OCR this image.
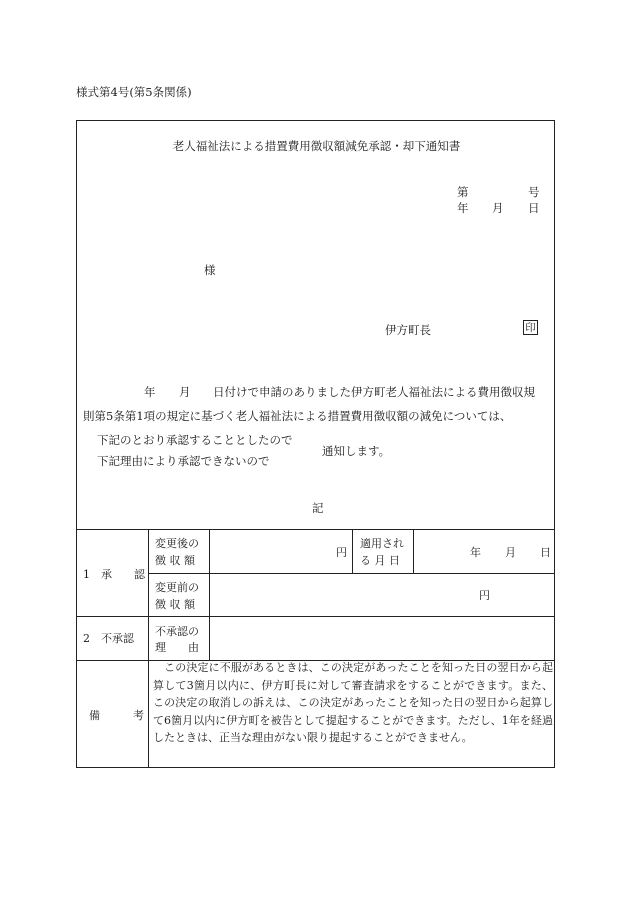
様式第4号(第5条関係)
老人福祉法による措置費用徴収額減免承認・却下通知書
第	号
年 月 日
様
伊方町長	印
年 月 日付けで申請のありました伊方町老人福祉法による費用徴収規
則第5条第1項の規定に基づく老人福祉法による措置費用徴収額の減免については、
下記のとおり承認することとしたので
下記理由により承認できないので
通知します。
記
1　承　　認
変更後の
徴 収 額
円
適用され
る 月 日
年 月 日
変更前の
徴 収 額
円
2　不承認
不承認の
理　　由
備　　　考

　この決定に不服があるときは、この決定があったことを知った日の翌日から起算して3箇月以内に、伊方町長に対して審査請求をすることができます。また、この決定の取消しの訴えは、この決定があったことを知った日の翌日から起算して6箇月以内に伊方町を被告として提起することができます。ただし、1年を経過したときは、正当な理由がない限り提起することができません。
